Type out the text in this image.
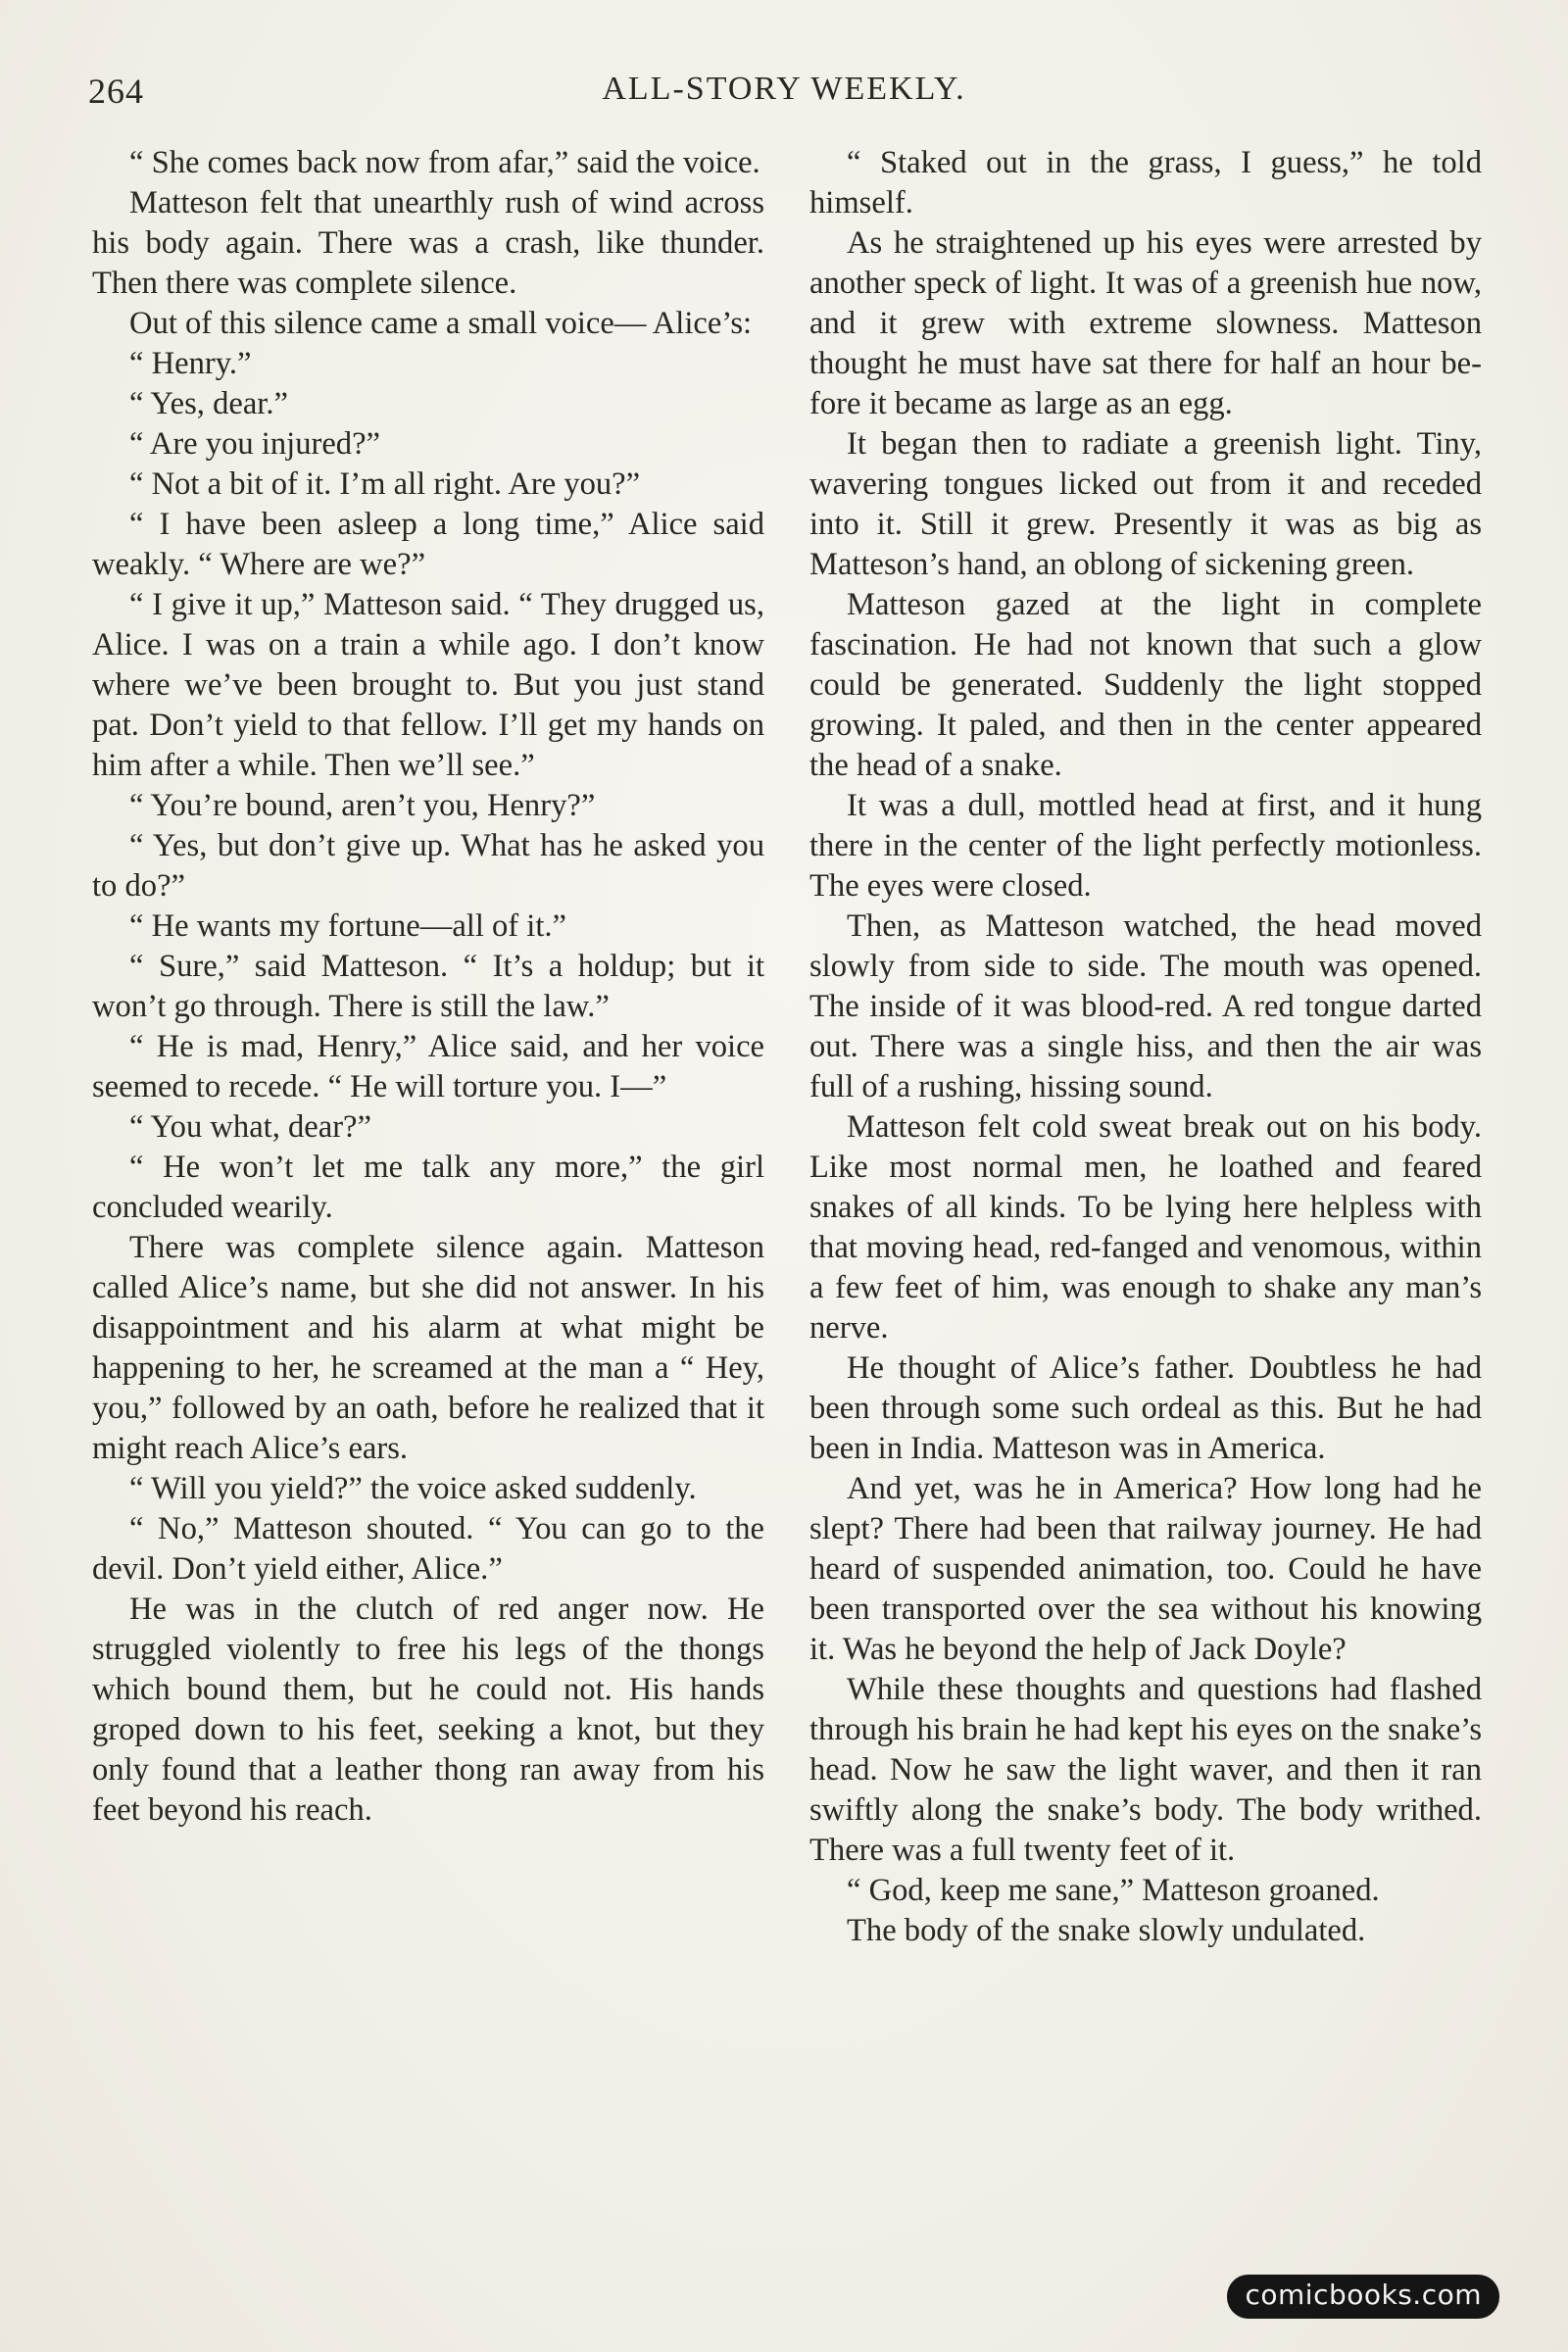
264	ALL-STORY WEEKLY.

“ She comes back now from afar,” said the voice.

Matteson felt that unearthly rush of wind across his body again. There was a crash, like thunder. Then there was complete silence.

Out of this silence came a small voice— Alice’s:

“ Henry.”

“ Yes, dear.”

“ Are you injured?”

“ Not a bit of it. I’m all right. Are you?”

“ I have been asleep a long time,” Alice said weakly. “ Where are we?”

“ I give it up,” Matteson said. “ They drugged us, Alice. I was on a train a while ago. I don’t know where we’ve been brought to. But you just stand pat. Don’t yield to that fellow. I’ll get my hands on him after a while. Then we’ll see.”

“ You’re bound, aren’t you, Henry?”

“ Yes, but don’t give up. What has he asked you to do?”

“ He wants my fortune—all of it.”

“ Sure,” said Matteson. “ It’s a holdup; but it won’t go through. There is still the law.”

“ He is mad, Henry,” Alice said, and her voice seemed to recede. “ He will torture you. I—”

“ You what, dear?”

“ He won’t let me talk any more,” the girl concluded wearily.

There was complete silence again. Matteson called Alice’s name, but she did not answer. In his disappointment and his alarm at what might be happening to her, he screamed at the man a “ Hey, you,” followed by an oath, before he realized that it might reach Alice’s ears.

“ Will you yield?” the voice asked suddenly.

“ No,” Matteson shouted. “ You can go to the devil. Don’t yield either, Alice.”

He was in the clutch of red anger now. He struggled violently to free his legs of the thongs which bound them, but he could not. His hands groped down to his feet, seeking a knot, but they only found that a leather thong ran away from his feet beyond his reach.

“ Staked out in the grass, I guess,” he told himself.

As he straightened up his eyes were arrested by another speck of light. It was of a greenish hue now, and it grew with extreme slowness. Matteson thought he must have sat there for half an hour before it became as large as an egg.

It began then to radiate a greenish light. Tiny, wavering tongues licked out from it and receded into it. Still it grew. Presently it was as big as Matteson’s hand, an oblong of sickening green.

Matteson gazed at the light in complete fascination. He had not known that such a glow could be generated. Suddenly the light stopped growing. It paled, and then in the center appeared the head of a snake.

It was a dull, mottled head at first, and it hung there in the center of the light perfectly motionless. The eyes were closed.

Then, as Matteson watched, the head moved slowly from side to side. The mouth was opened. The inside of it was blood-red. A red tongue darted out. There was a single hiss, and then the air was full of a rushing, hissing sound.

Matteson felt cold sweat break out on his body. Like most normal men, he loathed and feared snakes of all kinds. To be lying here helpless with that moving head, red-fanged and venomous, within a few feet of him, was enough to shake any man’s nerve.

He thought of Alice’s father. Doubtless he had been through some such ordeal as this. But he had been in India. Matteson was in America.

And yet, was he in America? How long had he slept? There had been that railway journey. He had heard of suspended animation, too. Could he have been transported over the sea without his knowing it. Was he beyond the help of Jack Doyle?

While these thoughts and questions had flashed through his brain he had kept his eyes on the snake’s head. Now he saw the light waver, and then it ran swiftly along the snake’s body. The body writhed. There was a full twenty feet of it.

“ God, keep me sane,” Matteson groaned.

The body of the snake slowly undulated.

comicbooks.com
